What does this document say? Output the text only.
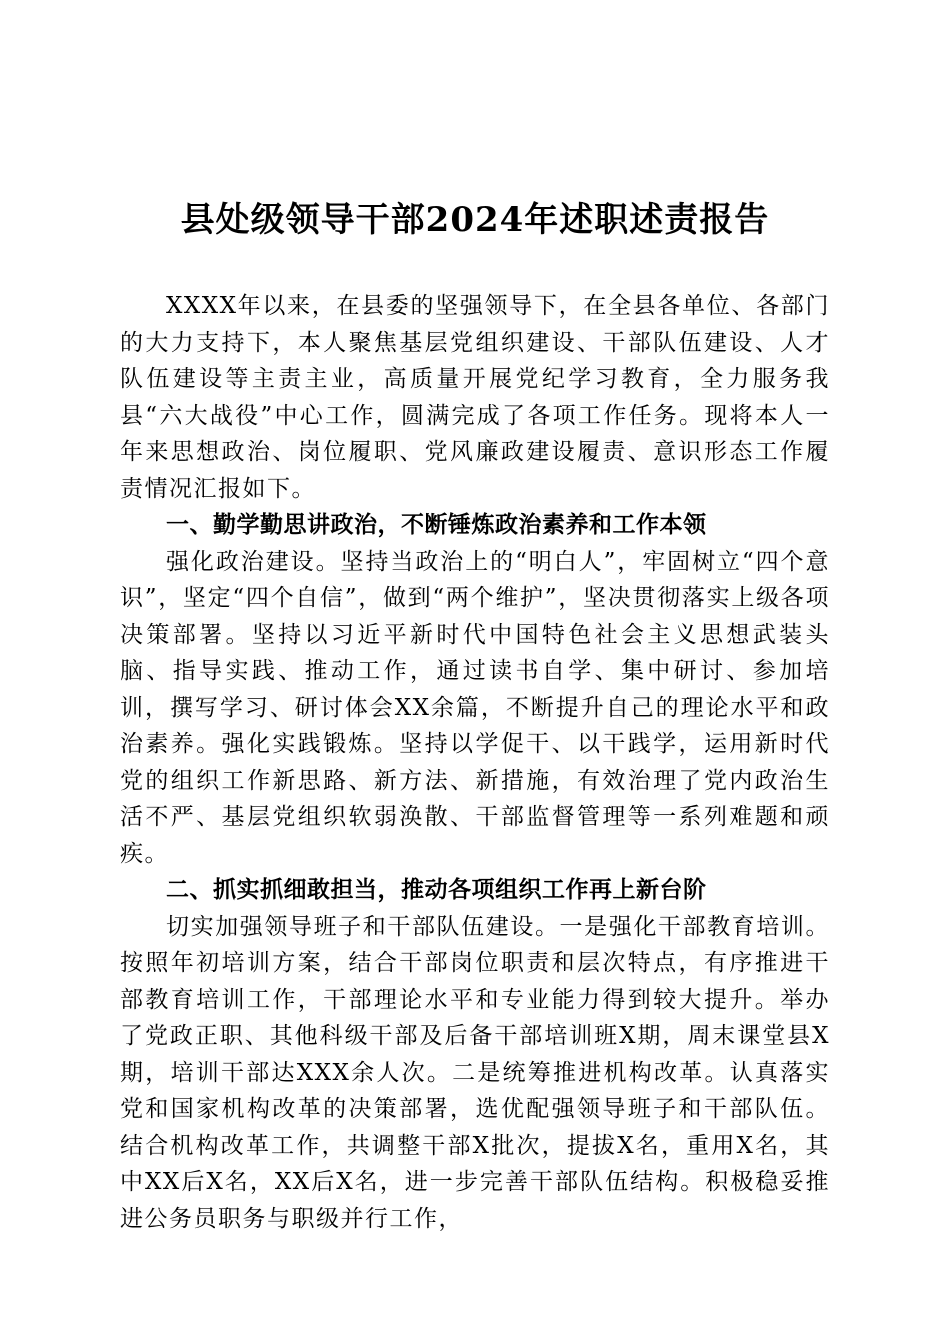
县处级领导干部2024年述职述责报告

XXXX年以来，在县委的坚强领导下，在全县各单位、各部门的大力支持下，本人聚焦基层党组织建设、干部队伍建设、人才队伍建设等主责主业，高质量开展党纪学习教育，全力服务我县“六大战役”中心工作，圆满完成了各项工作任务。现将本人一年来思想政治、岗位履职、党风廉政建设履责、意识形态工作履责情况汇报如下。

一、勤学勤思讲政治，不断锤炼政治素养和工作本领

强化政治建设。坚持当政治上的“明白人”，牢固树立“四个意识”，坚定“四个自信”，做到“两个维护”，坚决贯彻落实上级各项决策部署。坚持以习近平新时代中国特色社会主义思想武装头脑、指导实践、推动工作，通过读书自学、集中研讨、参加培训，撰写学习、研讨体会XX余篇，不断提升自己的理论水平和政治素养。强化实践锻炼。坚持以学促干、以干践学，运用新时代党的组织工作新思路、新方法、新措施，有效治理了党内政治生活不严、基层党组织软弱涣散、干部监督管理等一系列难题和顽疾。

二、抓实抓细敢担当，推动各项组织工作再上新台阶

切实加强领导班子和干部队伍建设。一是强化干部教育培训。按照年初培训方案，结合干部岗位职责和层次特点，有序推进干部教育培训工作，干部理论水平和专业能力得到较大提升。举办了党政正职、其他科级干部及后备干部培训班X期，周末课堂县X期，培训干部达XXX余人次。二是统筹推进机构改革。认真落实党和国家机构改革的决策部署，选优配强领导班子和干部队伍。结合机构改革工作，共调整干部X批次，提拔X名，重用X名，其中XX后X名，XX后X名，进一步完善干部队伍结构。积极稳妥推进公务员职务与职级并行工作，
